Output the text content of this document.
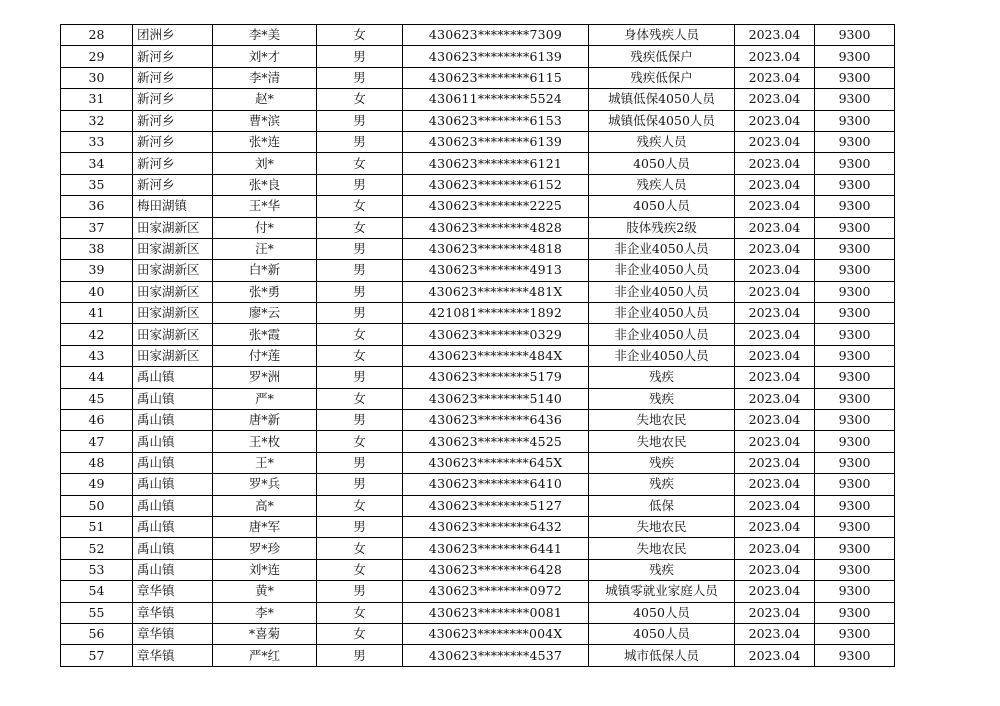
28	团洲乡	李*美	女	430623********7309	身体残疾人员	2023.04	9300
29	新河乡	刘*才	男	430623********6139	残疾低保户	2023.04	9300
30	新河乡	李*清	男	430623********6115	残疾低保户	2023.04	9300
31	新河乡	赵*	女	430611********5524	城镇低保4050人员	2023.04	9300
32	新河乡	曹*滨	男	430623********6153	城镇低保4050人员	2023.04	9300
33	新河乡	张*连	男	430623********6139	残疾人员	2023.04	9300
34	新河乡	刘*	女	430623********6121	4050人员	2023.04	9300
35	新河乡	张*良	男	430623********6152	残疾人员	2023.04	9300
36	梅田湖镇	王*华	女	430623********2225	4050人员	2023.04	9300
37	田家湖新区	付*	女	430623********4828	肢体残疾2级	2023.04	9300
38	田家湖新区	汪*	男	430623********4818	非企业4050人员	2023.04	9300
39	田家湖新区	白*新	男	430623********4913	非企业4050人员	2023.04	9300
40	田家湖新区	张*勇	男	430623********481X	非企业4050人员	2023.04	9300
41	田家湖新区	廖*云	男	421081********1892	非企业4050人员	2023.04	9300
42	田家湖新区	张*霞	女	430623********0329	非企业4050人员	2023.04	9300
43	田家湖新区	付*莲	女	430623********484X	非企业4050人员	2023.04	9300
44	禹山镇	罗*洲	男	430623********5179	残疾	2023.04	9300
45	禹山镇	严*	女	430623********5140	残疾	2023.04	9300
46	禹山镇	唐*新	男	430623********6436	失地农民	2023.04	9300
47	禹山镇	王*枚	女	430623********4525	失地农民	2023.04	9300
48	禹山镇	王*	男	430623********645X	残疾	2023.04	9300
49	禹山镇	罗*兵	男	430623********6410	残疾	2023.04	9300
50	禹山镇	高*	女	430623********5127	低保	2023.04	9300
51	禹山镇	唐*军	男	430623********6432	失地农民	2023.04	9300
52	禹山镇	罗*珍	女	430623********6441	失地农民	2023.04	9300
53	禹山镇	刘*连	女	430623********6428	残疾	2023.04	9300
54	章华镇	黄*	男	430623********0972	城镇零就业家庭人员	2023.04	9300
55	章华镇	李*	女	430623********0081	4050人员	2023.04	9300
56	章华镇	*喜菊	女	430623********004X	4050人员	2023.04	9300
57	章华镇	严*红	男	430623********4537	城市低保人员	2023.04	9300
